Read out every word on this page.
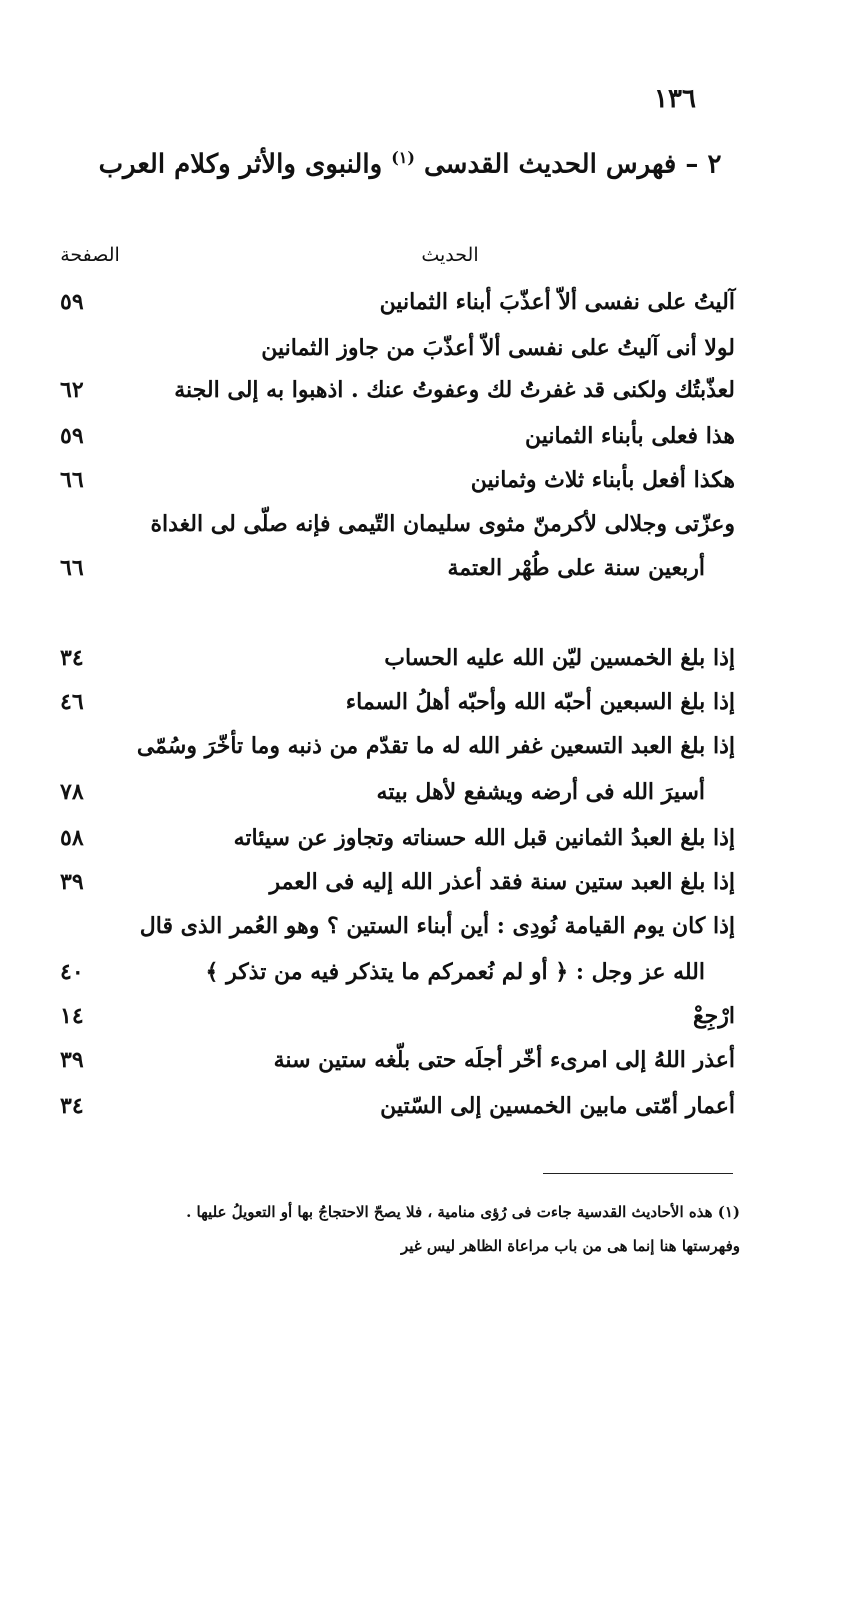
١٣٦
٢ – فهرس الحديث القدسى $^{(١)}$ والنبوى والأثر وكلام العرب
الحديث
الصفحة
آليتُ على نفسى ألاّ أعذّبَ أبناء الثمانين
٥٩
لولا أنى آليتُ على نفسى ألاّ أعذّبَ من جاوز الثمانين
لعذّبتُك ولكنى قد غفرتُ لك وعفوتُ عنك . اذهبوا به إلى الجنة
٦٢
هذا فعلى بأبناء الثمانين
٥٩
هكذا أفعل بأبناء ثلاث وثمانين
٦٦
وعزّتى وجلالى لأكرمنّ مثوى سليمان التّيمى فإنه صلّى لى الغداة
أربعين سنة على طُهْر العتمة
٦٦
إذا بلغ الخمسين ليّن الله عليه الحساب
٣٤
إذا بلغ السبعين أحبّه الله وأحبّه أهلُ السماء
٤٦
إذا بلغ العبد التسعين غفر الله له ما تقدّم من ذنبه وما تأخّرَ وسُمّى
أسيرَ الله فى أرضه ويشفع لأهل بيته
٧٨
إذا بلغ العبدُ الثمانين قبل الله حسناته وتجاوز عن سيئاته
٥٨
إذا بلغ العبد ستين سنة فقد أعذر الله إليه فى العمر
٣٩
إذا كان يوم القيامة نُودِى : أين أبناء الستين ؟ وهو العُمر الذى قال
الله عز وجل : ﴿ أو لم نُعمركم ما يتذكر فيه من تذكر ﴾
٤٠
ارْجِعْ
١٤
أعذر اللهُ إلى امرىء أخّر أجلَه حتى بلّغه ستين سنة
٣٩
أعمار أمّتى مابين الخمسين إلى السّتين
٣٤
(١) هذه الأحاديث القدسية جاءت فى رُؤى منامية ، فلا يصحّ الاحتجاجُ بها أو التعويلُ عليها .
وفهرستها هنا إنما هى من باب مراعاة الظاهر ليس غير
